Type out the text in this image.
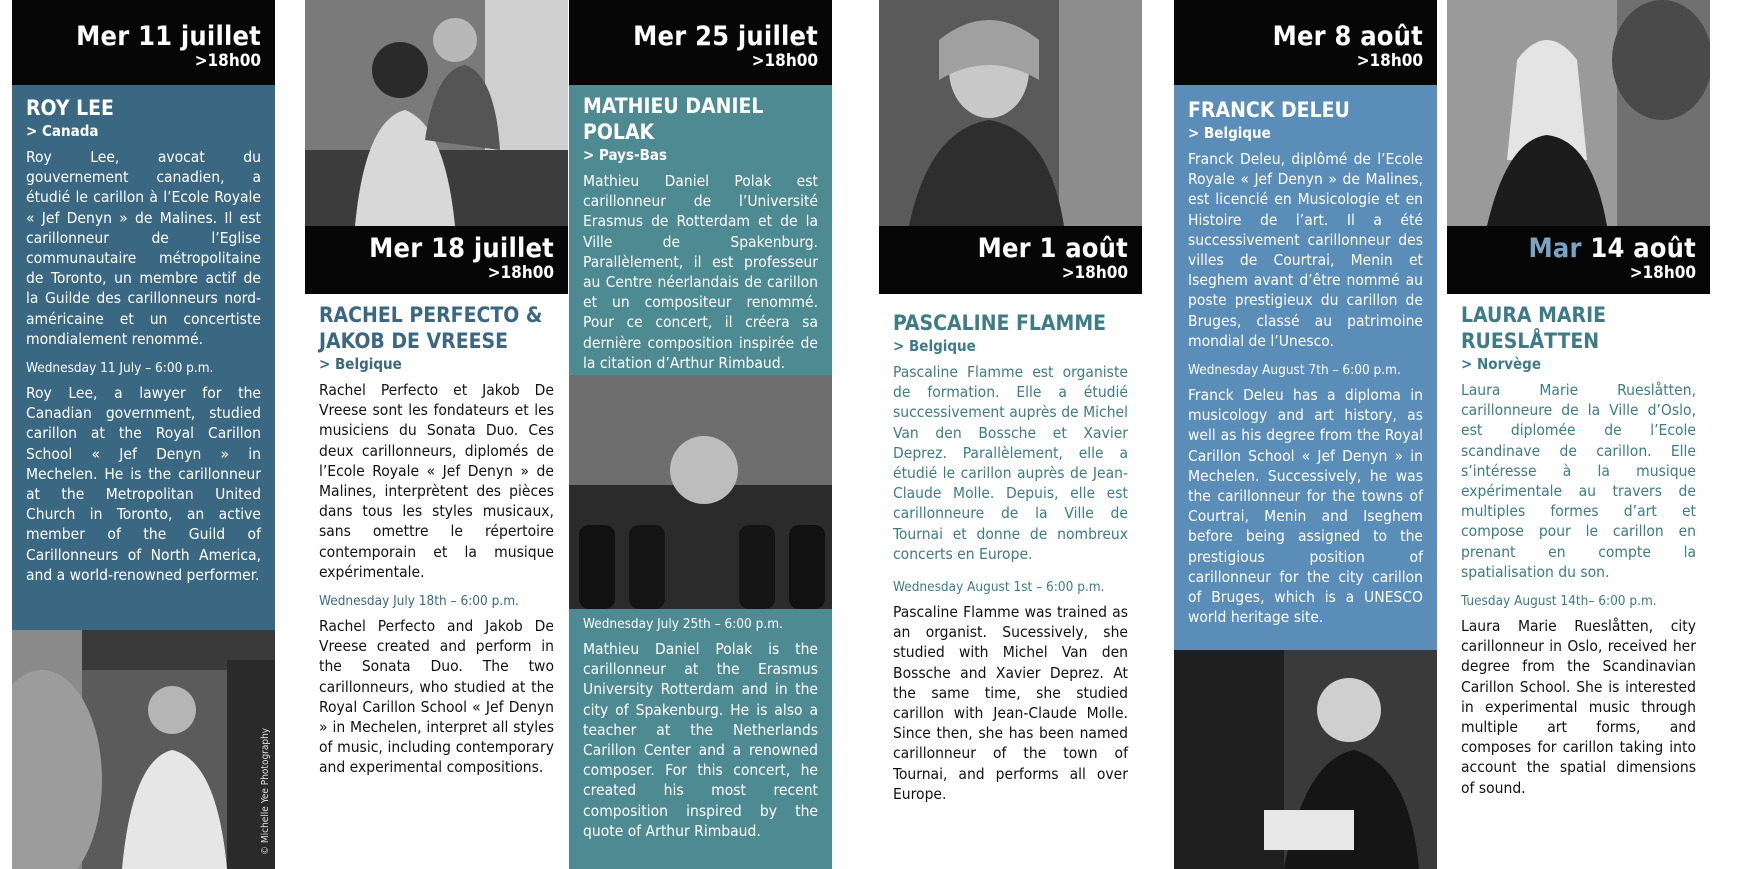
Mer 11 juillet
>18h00
ROY LEE
> Canada
Roy Lee, avocat du gouvernement canadien, a étudié le carillon à l’Ecole Royale « Jef Denyn » de Malines. Il est carillonneur de l’Eglise communautaire métropolitaine de Toronto, un membre actif de la Guilde des carillonneurs nord-américaine et un concertiste mondialement renommé.
Wednesday 11 July – 6:00 p.m.
Roy Lee, a lawyer for the Canadian government, studied carillon at the Royal Carillon School « Jef Denyn » in Mechelen. He is the carillonneur at the Metropolitan United Church in Toronto, an active member of the Guild of Carillonneurs of North America, and a world-renowned performer.
© Michelle Yee Photography
Mer 18 juillet
>18h00
RACHEL PERFECTO & JAKOB DE VREESE
> Belgique
Rachel Perfecto et Jakob De Vreese sont les fondateurs et les musiciens du Sonata Duo. Ces deux carillonneurs, diplomés de l’Ecole Royale « Jef Denyn » de Malines, interprètent des pièces dans tous les styles musicaux, sans omettre le répertoire contemporain et la musique expérimentale.
Wednesday July 18th – 6:00 p.m.
Rachel Perfecto and Jakob De Vreese created and perform in the Sonata Duo. The two carillonneurs, who studied at the Royal Carillon School « Jef Denyn » in Mechelen, interpret all styles of music, including contemporary and experimental compositions.
Mer 25 juillet
>18h00
MATHIEU DANIEL POLAK
> Pays-Bas
Mathieu Daniel Polak est carillonneur de l’Université Erasmus de Rotterdam et de la Ville de Spakenburg. Parallèlement, il est professeur au Centre néerlandais de carillon et un compositeur renommé. Pour ce concert, il créera sa dernière composition inspirée de la citation d’Arthur Rimbaud.
Wednesday July 25th – 6:00 p.m.
Mathieu Daniel Polak is the carillonneur at the Erasmus University Rotterdam and in the city of Spakenburg. He is also a teacher at the Netherlands Carillon Center and a renowned composer. For this concert, he created his most recent composition inspired by the quote of Arthur Rimbaud.
Mer 1 août
>18h00
PASCALINE FLAMME
> Belgique
Pascaline Flamme est organiste de formation. Elle a étudié successivement auprès de Michel Van den Bossche et Xavier Deprez. Parallèlement, elle a étudié le carillon auprès de Jean-Claude Molle. Depuis, elle est carillonneure de la Ville de Tournai et donne de nombreux concerts en Europe.
Wednesday August 1st – 6:00 p.m.
Pascaline Flamme was trained as an organist. Sucessively, she studied with Michel Van den Bossche and Xavier Deprez. At the same time, she studied carillon with Jean-Claude Molle. Since then, she has been named carillonneur of the town of Tournai, and performs all over Europe.
Mer 8 août
>18h00
FRANCK DELEU
> Belgique
Franck Deleu, diplômé de l’Ecole Royale « Jef Denyn » de Malines, est licencié en Musicologie et en Histoire de l’art. Il a été successivement carillonneur des villes de Courtrai, Menin et Iseghem avant d’être nommé au poste prestigieux du carillon de Bruges, classé au patrimoine mondial de l’Unesco.
Wednesday August 7th – 6:00 p.m.
Franck Deleu has a diploma in musicology and art history, as well as his degree from the Royal Carillon School « Jef Denyn » in Mechelen. Successively, he was the carillonneur for the towns of Courtrai, Menin and Iseghem before being assigned to the prestigious position of carillonneur for the city carillon of Bruges, which is a UNESCO world heritage site.
Mar 14 août
>18h00
LAURA MARIE RUESLÅTTEN
> Norvège
Laura Marie Rueslåtten, carillonneure de la Ville d’Oslo, est diplomée de l’Ecole scandinave de carillon. Elle s’intéresse à la musique expérimentale au travers de multiples formes d’art et compose pour le carillon en prenant en compte la spatialisation du son.
Tuesday August 14th– 6:00 p.m.
Laura Marie Rueslåtten, city carillonneur in Oslo, received her degree from the Scandinavian Carillon School. She is interested in experimental music through multiple art forms, and composes for carillon taking into account the spatial dimensions of sound.
